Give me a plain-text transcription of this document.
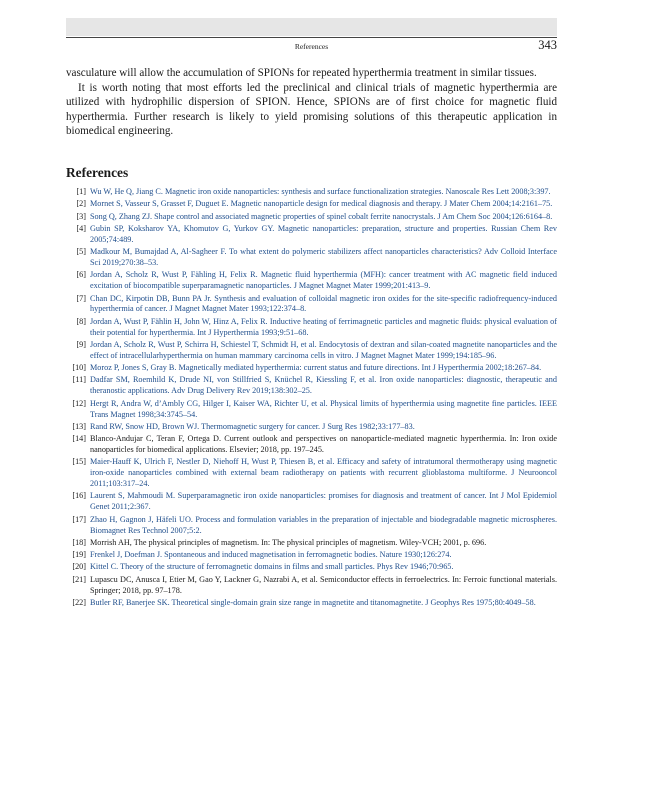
References	343

vasculature will allow the accumulation of SPIONs for repeated hyperthermia treatment in similar tissues.

It is worth noting that most efforts led the preclinical and clinical trials of magnetic hyperthermia are utilized with hydrophilic dispersion of SPION. Hence, SPIONs are of first choice for magnetic fluid hyperthermia. Further research is likely to yield promising solutions of this therapeutic application in biomedical engineering.

References
[1] Wu W, He Q, Jiang C. Magnetic iron oxide nanoparticles: synthesis and surface functionalization strategies. Nanoscale Res Lett 2008;3:397.
[2] Mornet S, Vasseur S, Grasset F, Duguet E. Magnetic nanoparticle design for medical diagnosis and therapy. J Mater Chem 2004;14:2161–75.
[3] Song Q, Zhang ZJ. Shape control and associated magnetic properties of spinel cobalt ferrite nanocrystals. J Am Chem Soc 2004;126:6164–8.
[4] Gubin SP, Koksharov YA, Khomutov G, Yurkov GY. Magnetic nanoparticles: preparation, structure and properties. Russian Chem Rev 2005;74:489.
[5] Madkour M, Bumajdad A, Al-Sagheer F. To what extent do polymeric stabilizers affect nanoparticles characteristics? Adv Colloid Interface Sci 2019;270:38–53.
[6] Jordan A, Scholz R, Wust P, Fähling H, Felix R. Magnetic fluid hyperthermia (MFH): cancer treatment with AC magnetic field induced excitation of biocompatible superparamagnetic nanoparticles. J Magnet Magnet Mater 1999;201:413–9.
[7] Chan DC, Kirpotin DB, Bunn PA Jr. Synthesis and evaluation of colloidal magnetic iron oxides for the site-specific radiofrequency-induced hyperthermia of cancer. J Magnet Magnet Mater 1993;122:374–8.
[8] Jordan A, Wust P, Fählin H, John W, Hinz A, Felix R. Inductive heating of ferrimagnetic particles and magnetic fluids: physical evaluation of their potential for hyperthermia. Int J Hyperthermia 1993;9:51–68.
[9] Jordan A, Scholz R, Wust P, Schirra H, Schiestel T, Schmidt H, et al. Endocytosis of dextran and silan-coated magnetite nanoparticles and the effect of intracellularhyperthermia on human mammary carcinoma cells in vitro. J Magnet Magnet Mater 1999;194:185–96.
[10] Moroz P, Jones S, Gray B. Magnetically mediated hyperthermia: current status and future directions. Int J Hyperthermia 2002;18:267–84.
[11] Dadfar SM, Roemhild K, Drude NI, von Stillfried S, Knüchel R, Kiessling F, et al. Iron oxide nanoparticles: diagnostic, therapeutic and theranostic applications. Adv Drug Delivery Rev 2019;138:302–25.
[12] Hergt R, Andra W, d’Ambly CG, Hilger I, Kaiser WA, Richter U, et al. Physical limits of hyperthermia using magnetite fine particles. IEEE Trans Magnet 1998;34:3745–54.
[13] Rand RW, Snow HD, Brown WJ. Thermomagnetic surgery for cancer. J Surg Res 1982;33:177–83.
[14] Blanco-Andujar C, Teran F, Ortega D. Current outlook and perspectives on nanoparticle-mediated magnetic hyperthermia. In: Iron oxide nanoparticles for biomedical applications. Elsevier; 2018, pp. 197–245.
[15] Maier-Hauff K, Ulrich F, Nestler D, Niehoff H, Wust P, Thiesen B, et al. Efficacy and safety of intratumoral thermotherapy using magnetic iron-oxide nanoparticles combined with external beam radiotherapy on patients with recurrent glioblastoma multiforme. J Neurooncol 2011;103:317–24.
[16] Laurent S, Mahmoudi M. Superparamagnetic iron oxide nanoparticles: promises for diagnosis and treatment of cancer. Int J Mol Epidemiol Genet 2011;2:367.
[17] Zhao H, Gagnon J, Häfeli UO. Process and formulation variables in the preparation of injectable and biodegradable magnetic microspheres. Biomagnet Res Technol 2007;5:2.
[18] Morrish AH, The physical principles of magnetism. In: The physical principles of magnetism. Wiley-VCH; 2001, p. 696.
[19] Frenkel J, Doefman J. Spontaneous and induced magnetisation in ferromagnetic bodies. Nature 1930;126:274.
[20] Kittel C. Theory of the structure of ferromagnetic domains in films and small particles. Phys Rev 1946;70:965.
[21] Lupascu DC, Anusca I, Etier M, Gao Y, Lackner G, Nazrabi A, et al. Semiconductor effects in ferroelectrics. In: Ferroic functional materials. Springer; 2018, pp. 97–178.
[22] Butler RF, Banerjee SK. Theoretical single-domain grain size range in magnetite and titanomagnetite. J Geophys Res 1975;80:4049–58.
